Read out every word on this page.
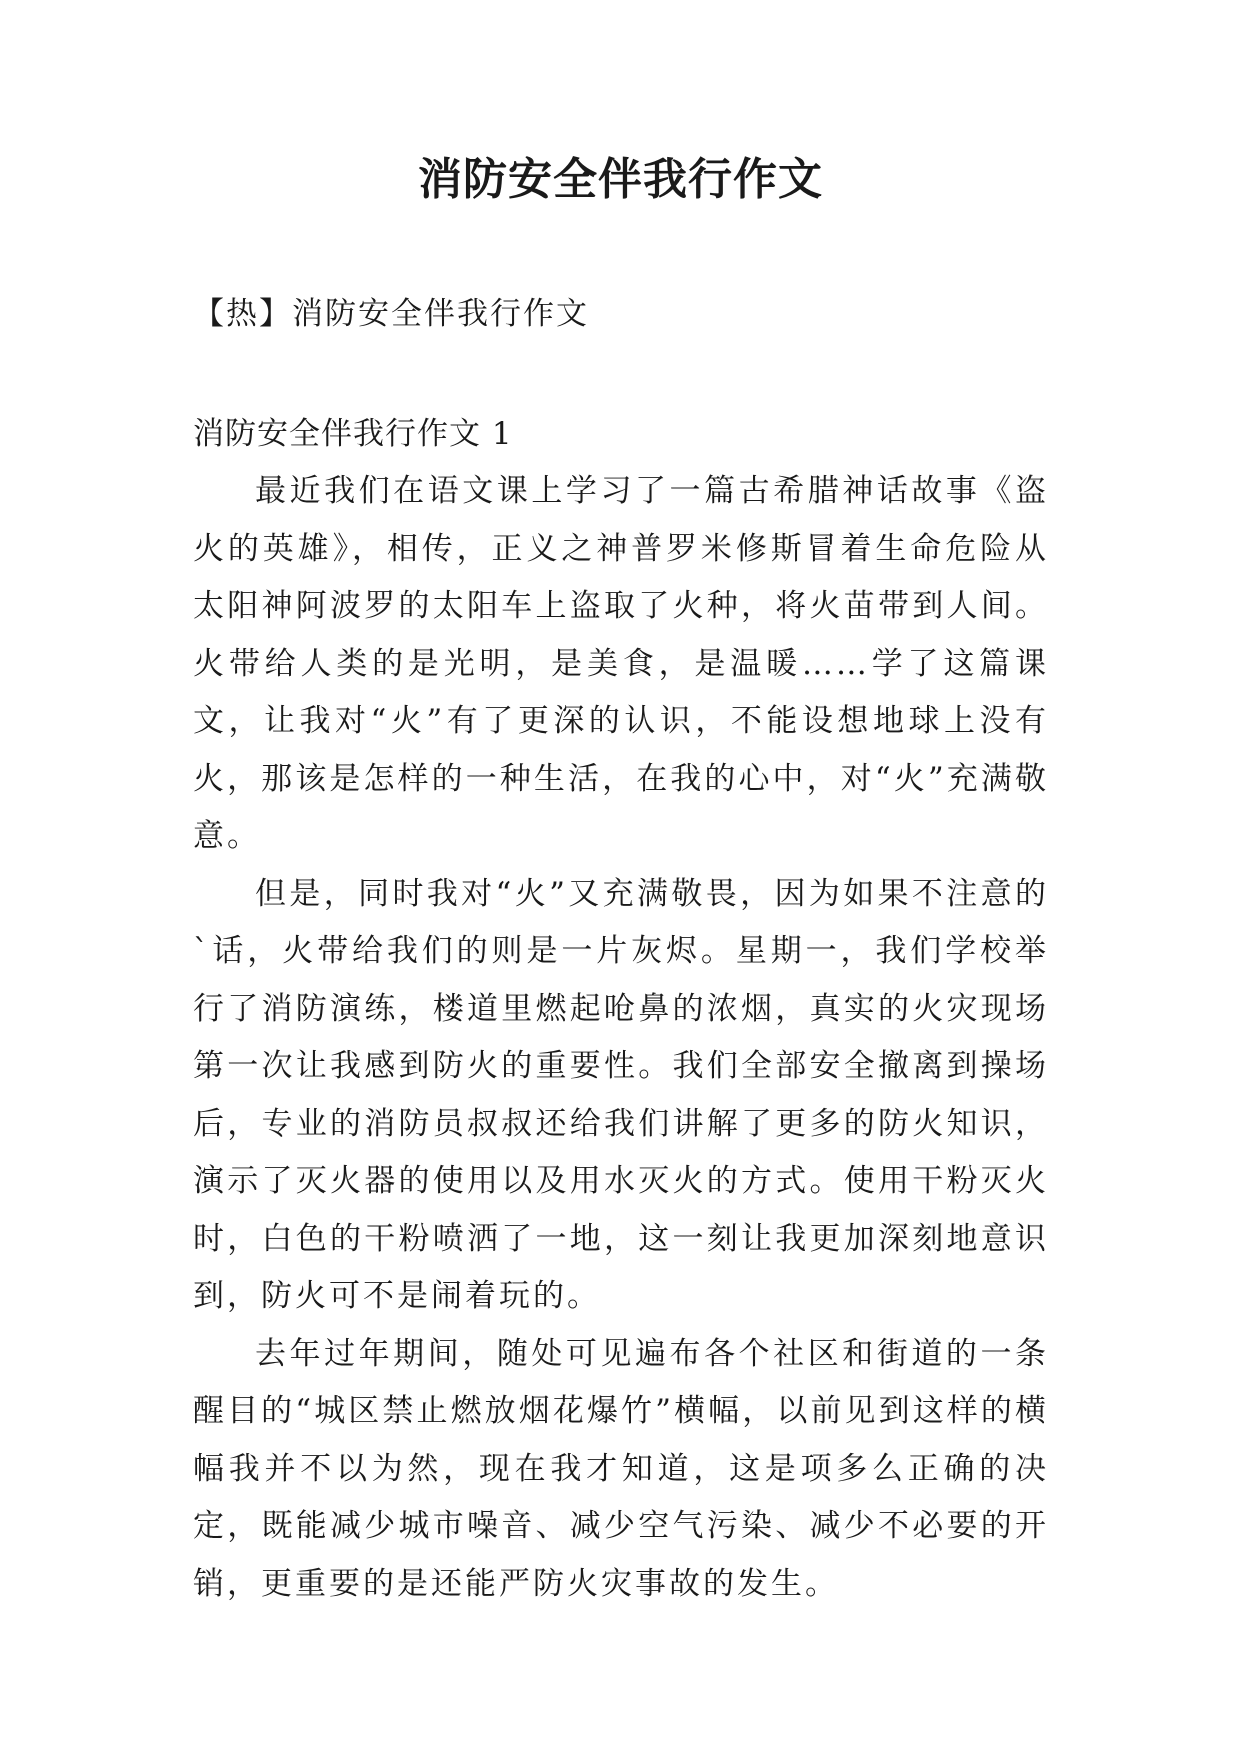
消防安全伴我行作文
【热】消防安全伴我行作文
消防安全伴我行作文 1

最近我们在语文课上学习了一篇古希腊神话故事《盗火的英雄》，相传，正义之神普罗米修斯冒着生命危险从太阳神阿波罗的太阳车上盗取了火种，将火苗带到人间。火带给人类的是光明，是美食，是温暖……学了这篇课文，让我对“火”有了更深的认识，不能设想地球上没有火，那该是怎样的一种生活，在我的心中，对“火”充满敬意。

但是，同时我对“火”又充满敬畏，因为如果不注意的`话，火带给我们的则是一片灰烬。星期一，我们学校举行了消防演练，楼道里燃起呛鼻的浓烟，真实的火灾现场第一次让我感到防火的重要性。我们全部安全撤离到操场后，专业的消防员叔叔还给我们讲解了更多的防火知识，演示了灭火器的使用以及用水灭火的方式。使用干粉灭火时，白色的干粉喷洒了一地，这一刻让我更加深刻地意识到，防火可不是闹着玩的。

去年过年期间，随处可见遍布各个社区和街道的一条醒目的“城区禁止燃放烟花爆竹”横幅，以前见到这样的横幅我并不以为然，现在我才知道，这是项多么正确的决定，既能减少城市噪音、减少空气污染、减少不必要的开销，更重要的是还能严防火灾事故的发生。
